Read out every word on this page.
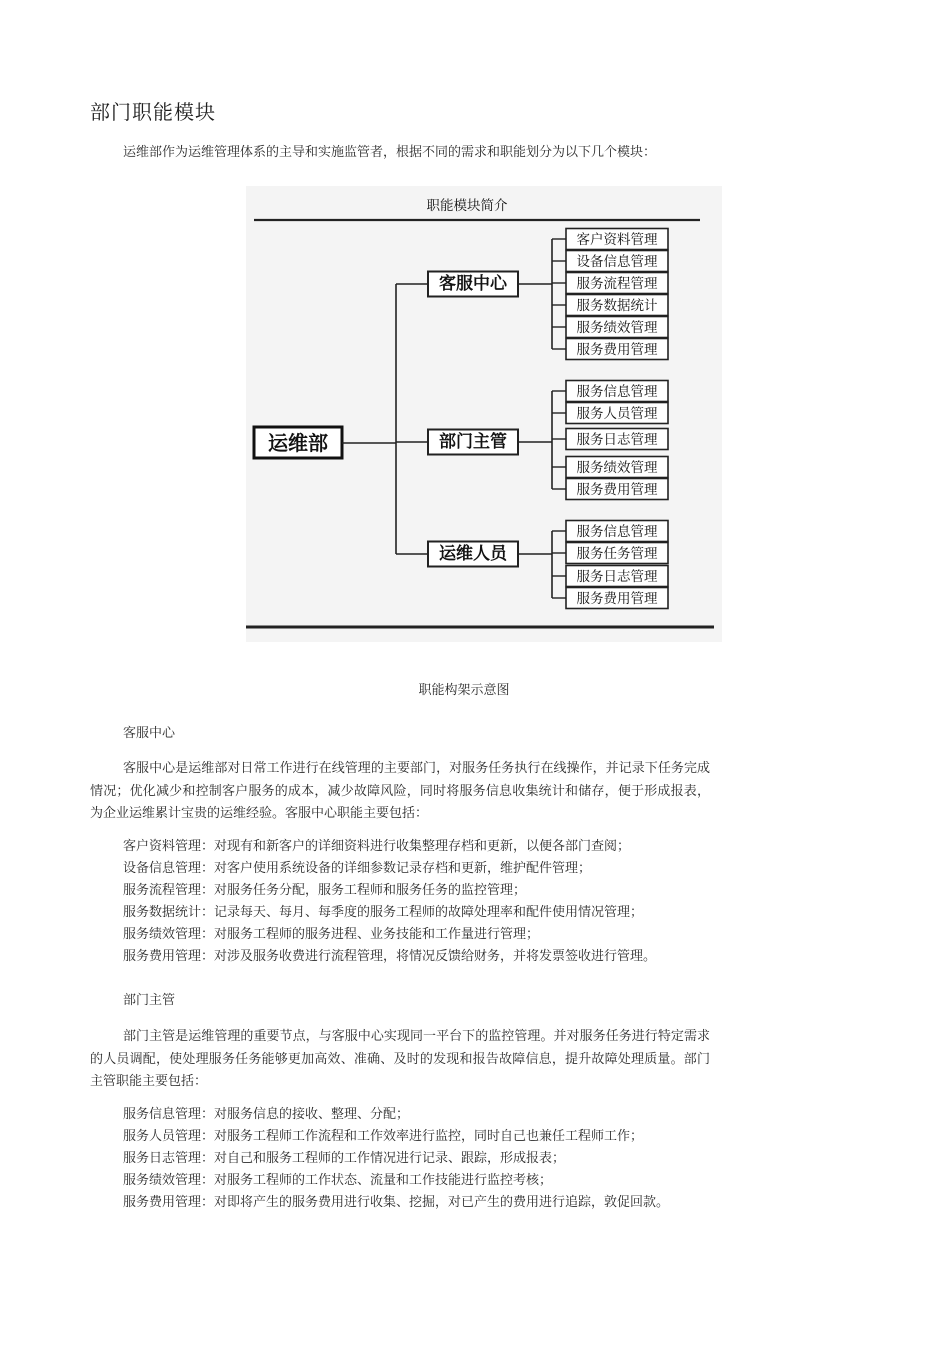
部门职能模块

运维部作为运维管理体系的主导和实施监管者，根据不同的需求和职能划分为以下几个模块：

职能模块简介
运维部
客服中心
客户资料管理
设备信息管理
服务流程管理
服务数据统计
服务绩效管理
服务费用管理
部门主管
服务信息管理
服务人员管理
服务日志管理
服务绩效管理
服务费用管理
运维人员
服务信息管理
服务任务管理
服务日志管理
服务费用管理
职能构架示意图
客服中心

客服中心是运维部对日常工作进行在线管理的主要部门，对服务任务执行在线操作，并记录下任务完成情况；优化减少和控制客户服务的成本，减少故障风险，同时将服务信息收集统计和储存，便于形成报表，为企业运维累计宝贵的运维经验。客服中心职能主要包括：

客户资料管理：对现有和新客户的详细资料进行收集整理存档和更新，以便各部门查阅；
设备信息管理：对客户使用系统设备的详细参数记录存档和更新，维护配件管理；
服务流程管理：对服务任务分配，服务工程师和服务任务的监控管理；
服务数据统计：记录每天、每月、每季度的服务工程师的故障处理率和配件使用情况管理；
服务绩效管理：对服务工程师的服务进程、业务技能和工作量进行管理；
服务费用管理：对涉及服务收费进行流程管理，将情况反馈给财务，并将发票签收进行管理。
部门主管

部门主管是运维管理的重要节点，与客服中心实现同一平台下的监控管理。并对服务任务进行特定需求的人员调配，使处理服务任务能够更加高效、准确、及时的发现和报告故障信息，提升故障处理质量。部门主管职能主要包括：

服务信息管理：对服务信息的接收、整理、分配；
服务人员管理：对服务工程师工作流程和工作效率进行监控，同时自己也兼任工程师工作；
服务日志管理：对自己和服务工程师的工作情况进行记录、跟踪，形成报表；
服务绩效管理：对服务工程师的工作状态、流量和工作技能进行监控考核；
服务费用管理：对即将产生的服务费用进行收集、挖掘，对已产生的费用进行追踪，敦促回款。
